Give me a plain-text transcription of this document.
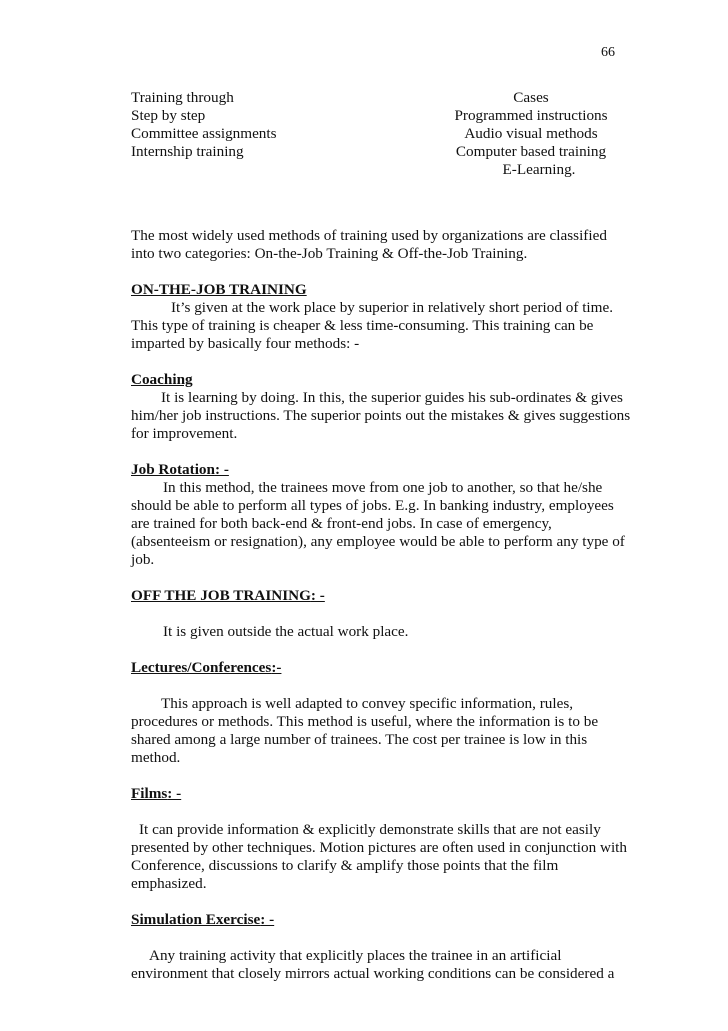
66
Training through	Cases
Step by step	Programmed instructions
Committee assignments	Audio visual methods
Internship training	Computer based training
E-Learning.

The most widely used methods of training used by organizations are classified into two categories: On-the-Job Training & Off-the-Job Training.

ON-THE-JOB TRAINING

It’s given at the work place by superior in relatively short period of time. This type of training is cheaper & less time-consuming. This training can be imparted by basically four methods: -

Coaching

It is learning by doing. In this, the superior guides his sub-ordinates & gives him/her job instructions. The superior points out the mistakes & gives suggestions for improvement.

Job Rotation: -

In this method, the trainees move from one job to another, so that he/she should be able to perform all types of jobs. E.g. In banking industry, employees are trained for both back-end & front-end jobs. In case of emergency, (absenteeism or resignation), any employee would be able to perform any type of job.

OFF THE JOB TRAINING: -

It is given outside the actual work place.

Lectures/Conferences:-

This approach is well adapted to convey specific information, rules, procedures or methods. This method is useful, where the information is to be shared among a large number of trainees. The cost per trainee is low in this method.

Films: -

It can provide information & explicitly demonstrate skills that are not easily presented by other techniques. Motion pictures are often used in conjunction with Conference, discussions to clarify & amplify those points that the film emphasized.

Simulation Exercise: -

Any training activity that explicitly places the trainee in an artificial environment that closely mirrors actual working conditions can be considered a
